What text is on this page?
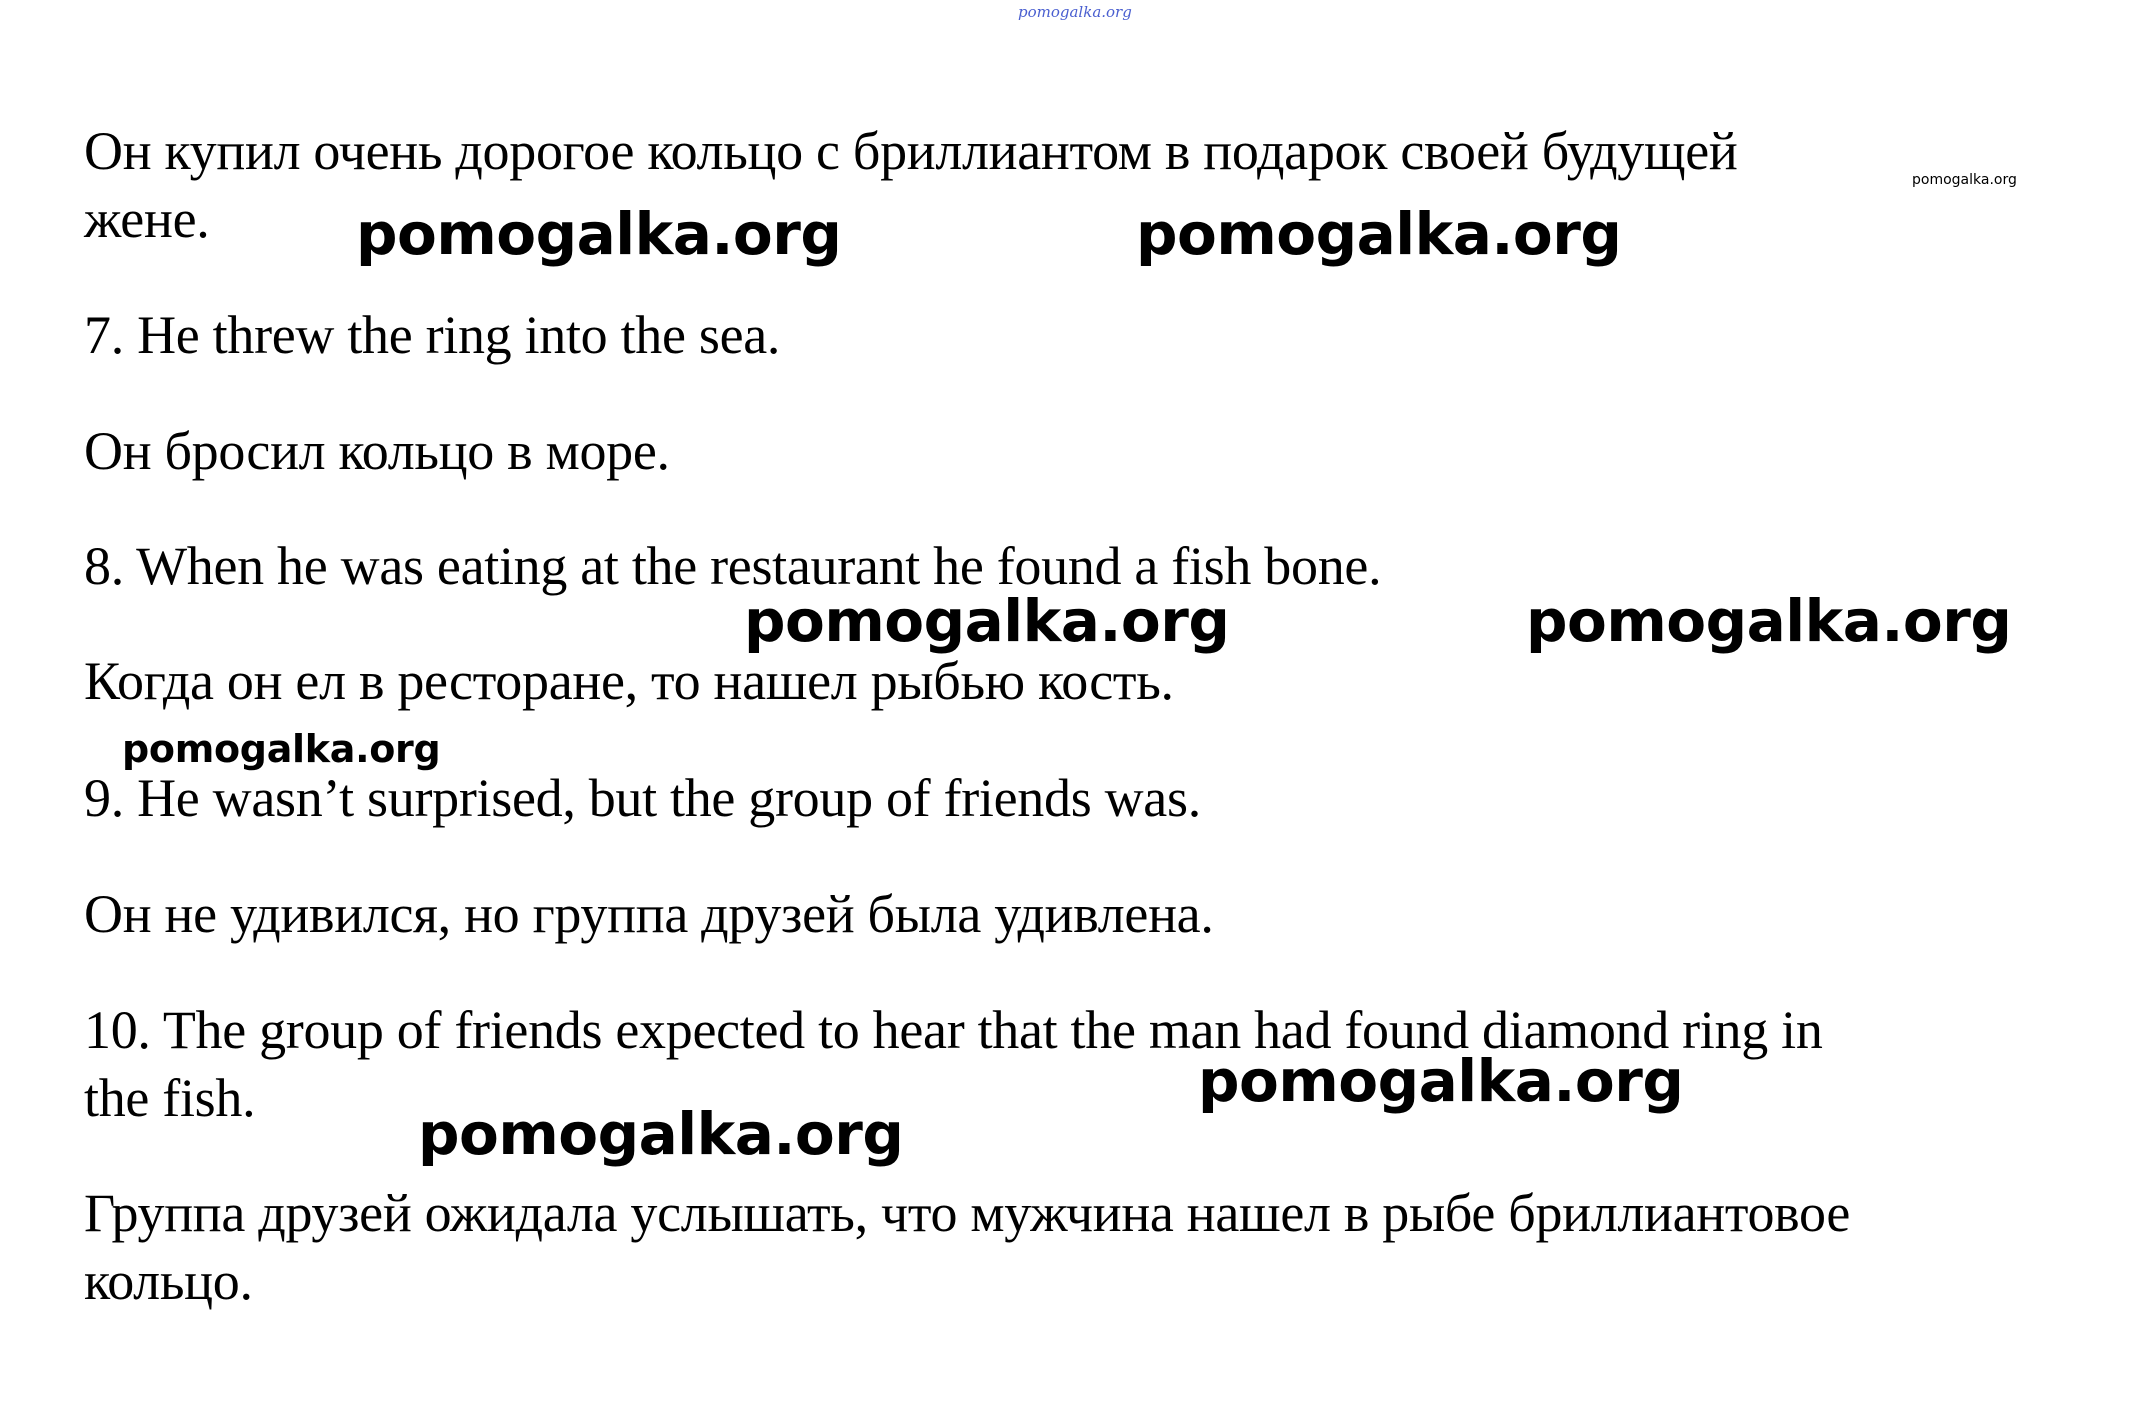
pomogalka.org
Он купил очень дорогое кольцо с бриллиантом в подарок своей будущей	pomogalka.org
жене.	pomogalka.org	pomogalka.org
7. He threw the ring into the sea.
Он бросил кольцо в море.
8. When he was eating at the restaurant he found a fish bone.
pomogalka.org	pomogalka.org
Когда он ел в ресторане, то нашел рыбью кость.
pomogalka.org
9. He wasn’t surprised, but the group of friends was.
Он не удивился, но группа друзей была удивлена.
10. The group of friends expected to hear that the man had found diamond ring in
pomogalka.org
the fish.
pomogalka.org
Группа друзей ожидала услышать, что мужчина нашел в рыбе бриллиантовое
кольцо.
